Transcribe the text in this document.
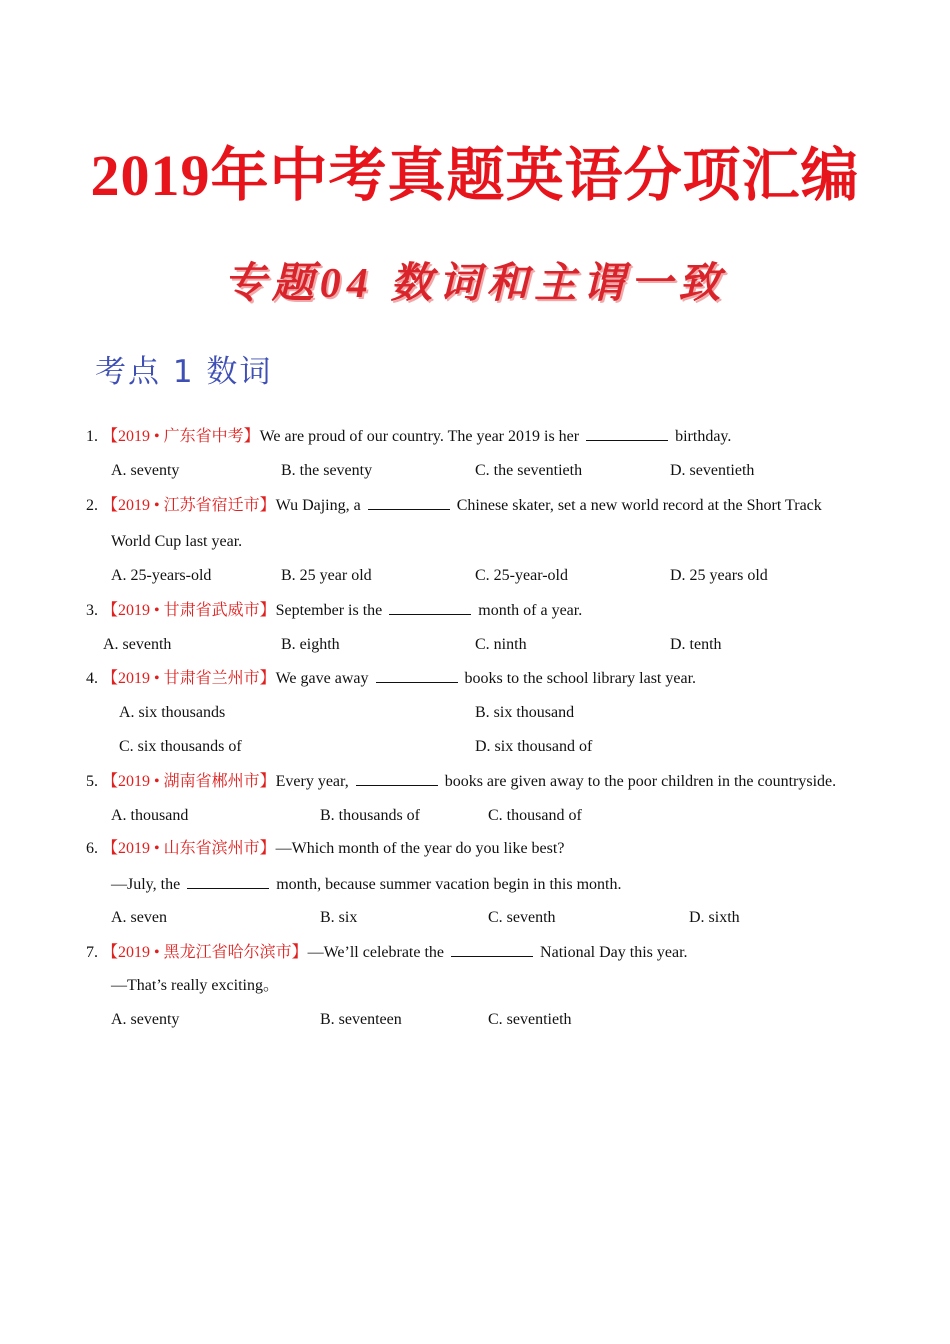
2019年中考真题英语分项汇编
专题04 数词和主谓一致
考点 1 数词
1. 【2019 • 广东省中考】We are proud of our country. The year 2019 is her	birthday.
A. seventy	B. the seventy	C. the seventieth	D. seventieth
2. 【2019 • 江苏省宿迁市】Wu Dajing, a	Chinese skater, set a new world record at the Short Track
World Cup last year.
A. 25-years-old	B. 25 year old	C. 25-year-old	D. 25 years old
3. 【2019 • 甘肃省武威市】September is the	month of a year.
A. seventh	B. eighth	C. ninth	D. tenth
4. 【2019 • 甘肃省兰州市】We gave away	books to the school library last year.
A. six thousands	B. six thousand
C. six thousands of	D. six thousand of
5. 【2019 • 湖南省郴州市】Every year,	books are given away to the poor children in the countryside.
A. thousand	B. thousands of	C. thousand of
6. 【2019 • 山东省滨州市】—Which month of the year do you like best?
—July, the	month, because summer vacation begin in this month.
A. seven	B. six	C. seventh	D. sixth
7. 【2019 • 黑龙江省哈尔滨市】—We’ll celebrate the	National Day this year.
—That’s really exciting。
A. seventy	B. seventeen	C. seventieth
